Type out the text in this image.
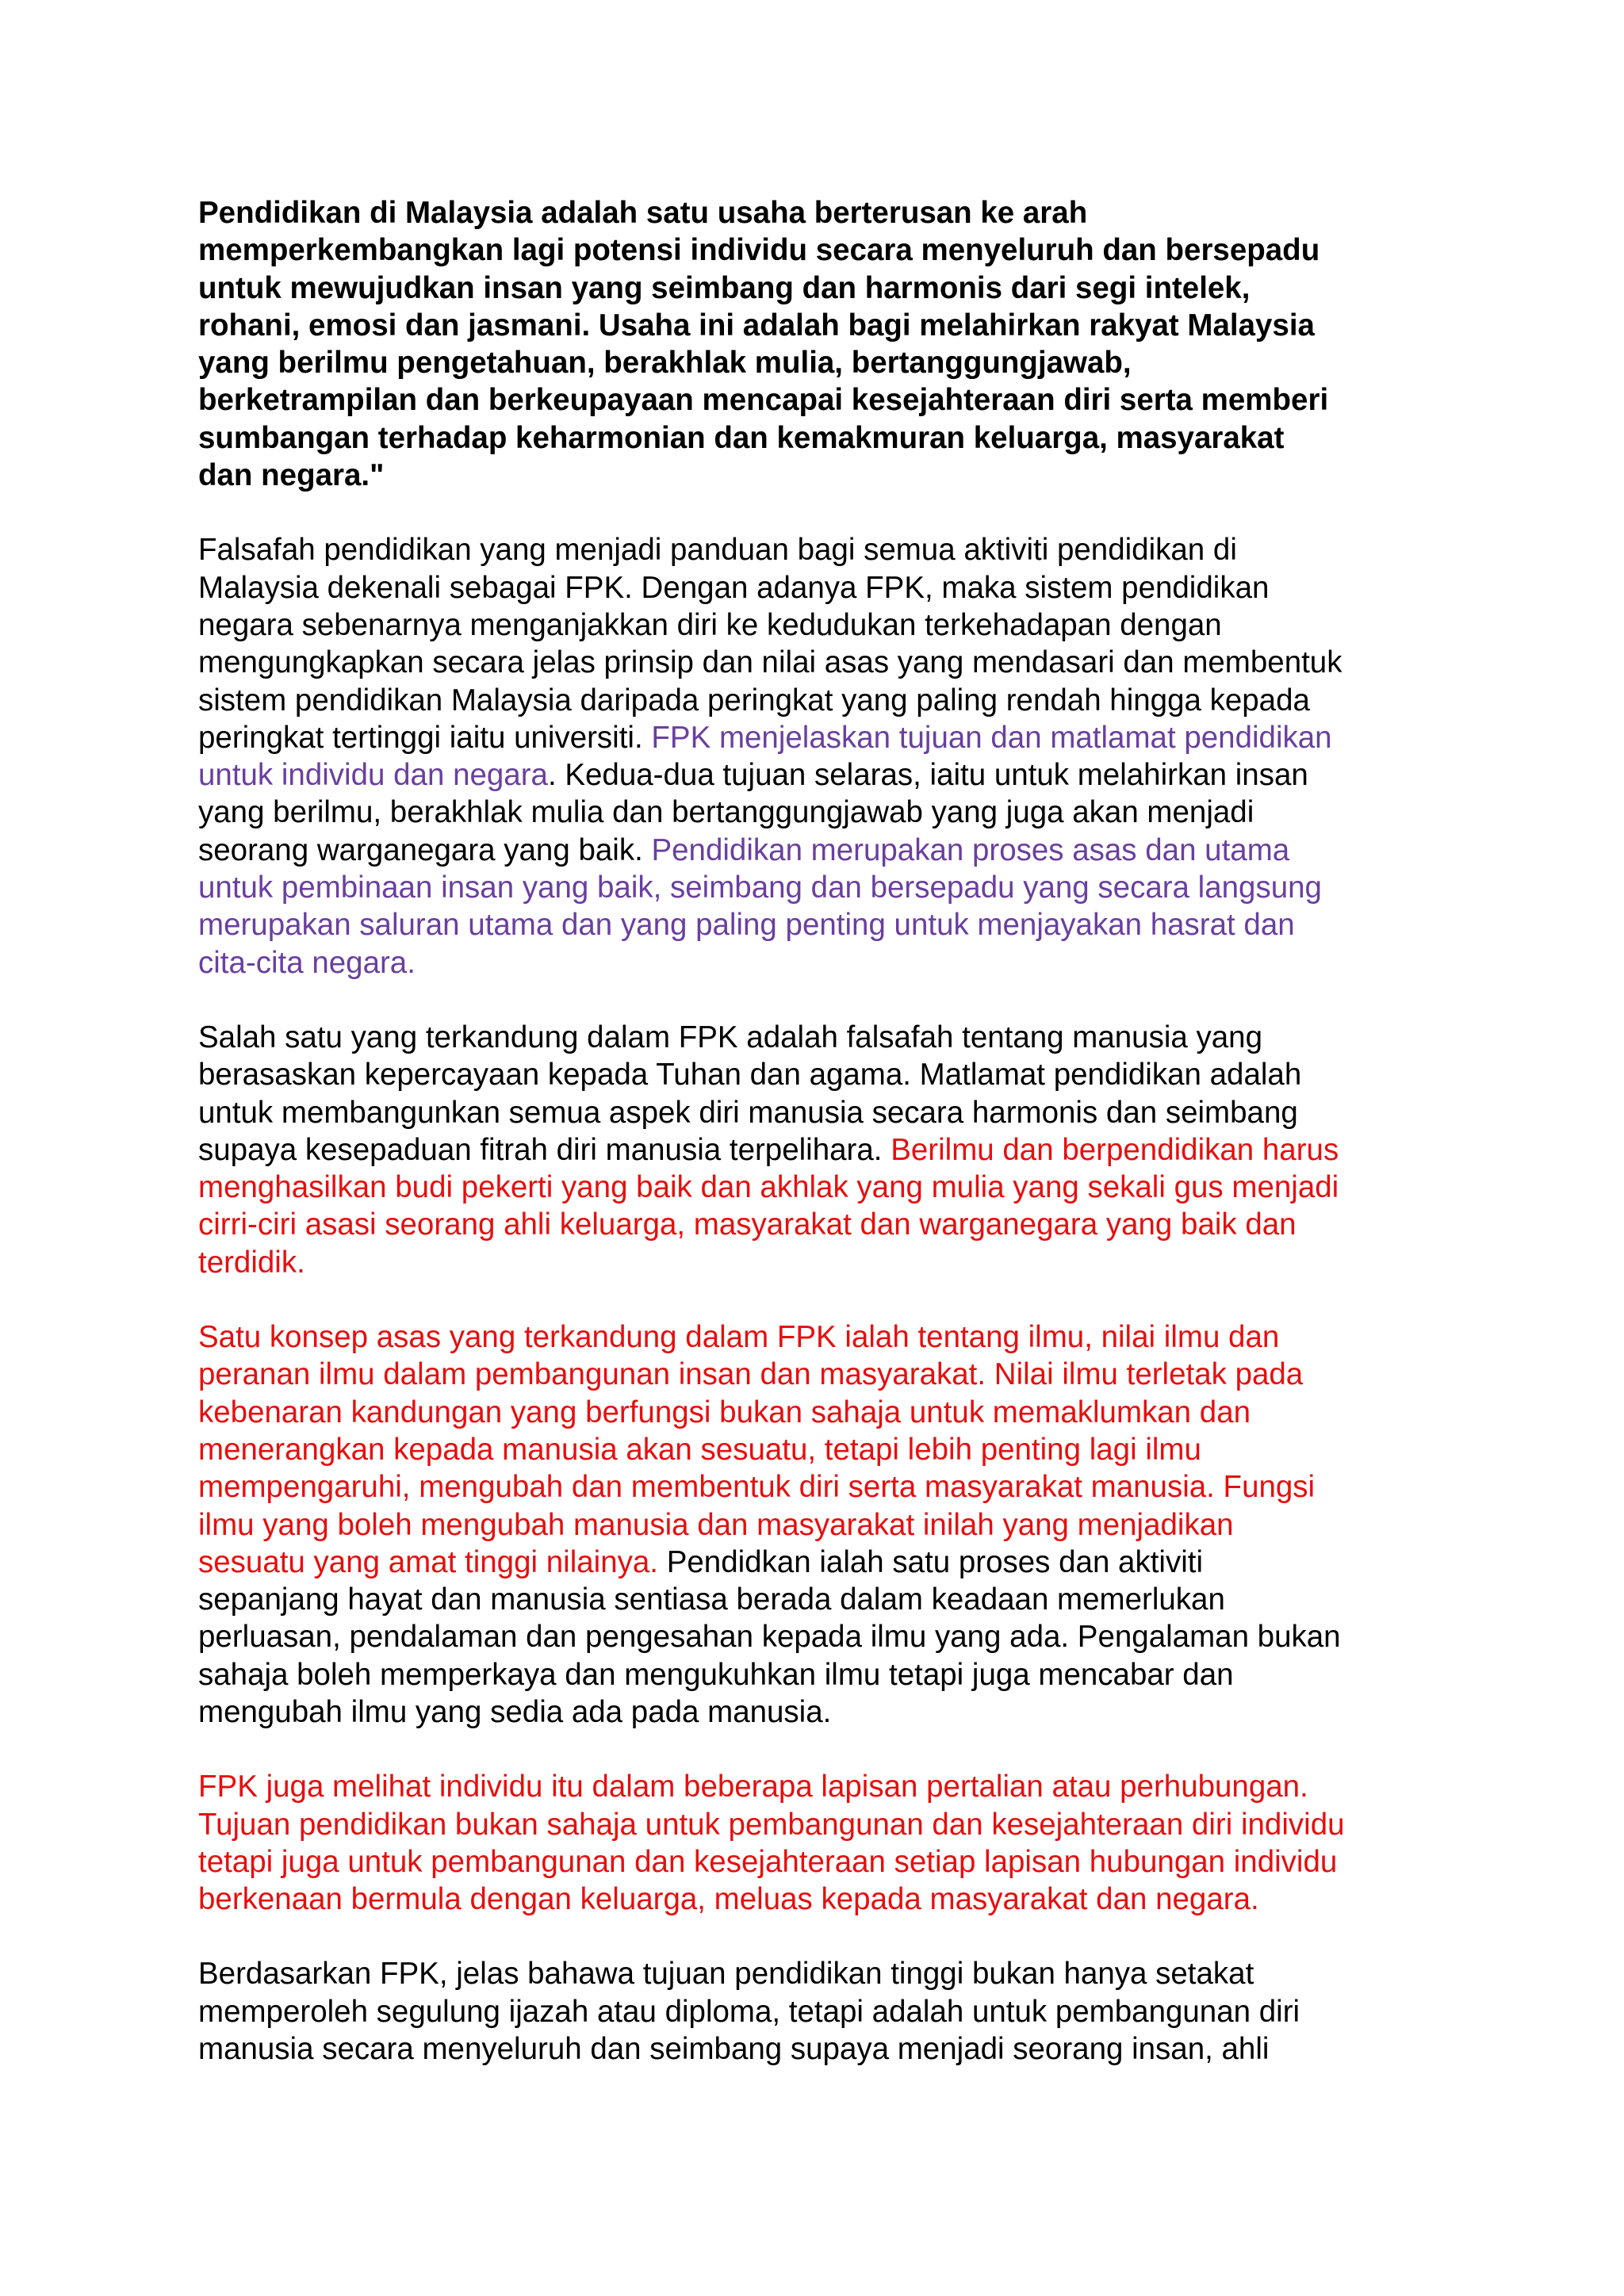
Pendidikan di Malaysia adalah satu usaha berterusan ke arah
memperkembangkan lagi potensi individu secara menyeluruh dan bersepadu
untuk mewujudkan insan yang seimbang dan harmonis dari segi intelek,
rohani, emosi dan jasmani. Usaha ini adalah bagi melahirkan rakyat Malaysia
yang berilmu pengetahuan, berakhlak mulia, bertanggungjawab,
berketrampilan dan berkeupayaan mencapai kesejahteraan diri serta memberi
sumbangan terhadap keharmonian dan kemakmuran keluarga, masyarakat
dan negara."

Falsafah pendidikan yang menjadi panduan bagi semua aktiviti pendidikan di
Malaysia dekenali sebagai FPK. Dengan adanya FPK, maka sistem pendidikan
negara sebenarnya menganjakkan diri ke kedudukan terkehadapan dengan
mengungkapkan secara jelas prinsip dan nilai asas yang mendasari dan membentuk
sistem pendidikan Malaysia daripada peringkat yang paling rendah hingga kepada
peringkat tertinggi iaitu universiti. FPK menjelaskan tujuan dan matlamat pendidikan
untuk individu dan negara. Kedua-dua tujuan selaras, iaitu untuk melahirkan insan
yang berilmu, berakhlak mulia dan bertanggungjawab yang juga akan menjadi
seorang warganegara yang baik. Pendidikan merupakan proses asas dan utama
untuk pembinaan insan yang baik, seimbang dan bersepadu yang secara langsung
merupakan saluran utama dan yang paling penting untuk menjayakan hasrat dan
cita-cita negara.

Salah satu yang terkandung dalam FPK adalah falsafah tentang manusia yang
berasaskan kepercayaan kepada Tuhan dan agama. Matlamat pendidikan adalah
untuk membangunkan semua aspek diri manusia secara harmonis dan seimbang
supaya kesepaduan fitrah diri manusia terpelihara. Berilmu dan berpendidikan harus
menghasilkan budi pekerti yang baik dan akhlak yang mulia yang sekali gus menjadi
cirri-ciri asasi seorang ahli keluarga, masyarakat dan warganegara yang baik dan
terdidik.

Satu konsep asas yang terkandung dalam FPK ialah tentang ilmu, nilai ilmu dan
peranan ilmu dalam pembangunan insan dan masyarakat. Nilai ilmu terletak pada
kebenaran kandungan yang berfungsi bukan sahaja untuk memaklumkan dan
menerangkan kepada manusia akan sesuatu, tetapi lebih penting lagi ilmu
mempengaruhi, mengubah dan membentuk diri serta masyarakat manusia. Fungsi
ilmu yang boleh mengubah manusia dan masyarakat inilah yang menjadikan
sesuatu yang amat tinggi nilainya. Pendidkan ialah satu proses dan aktiviti
sepanjang hayat dan manusia sentiasa berada dalam keadaan memerlukan
perluasan, pendalaman dan pengesahan kepada ilmu yang ada. Pengalaman bukan
sahaja boleh memperkaya dan mengukuhkan ilmu tetapi juga mencabar dan
mengubah ilmu yang sedia ada pada manusia.

FPK juga melihat individu itu dalam beberapa lapisan pertalian atau perhubungan.
Tujuan pendidikan bukan sahaja untuk pembangunan dan kesejahteraan diri individu
tetapi juga untuk pembangunan dan kesejahteraan setiap lapisan hubungan individu
berkenaan bermula dengan keluarga, meluas kepada masyarakat dan negara.

Berdasarkan FPK, jelas bahawa tujuan pendidikan tinggi bukan hanya setakat
memperoleh segulung ijazah atau diploma, tetapi adalah untuk pembangunan diri
manusia secara menyeluruh dan seimbang supaya menjadi seorang insan, ahli
